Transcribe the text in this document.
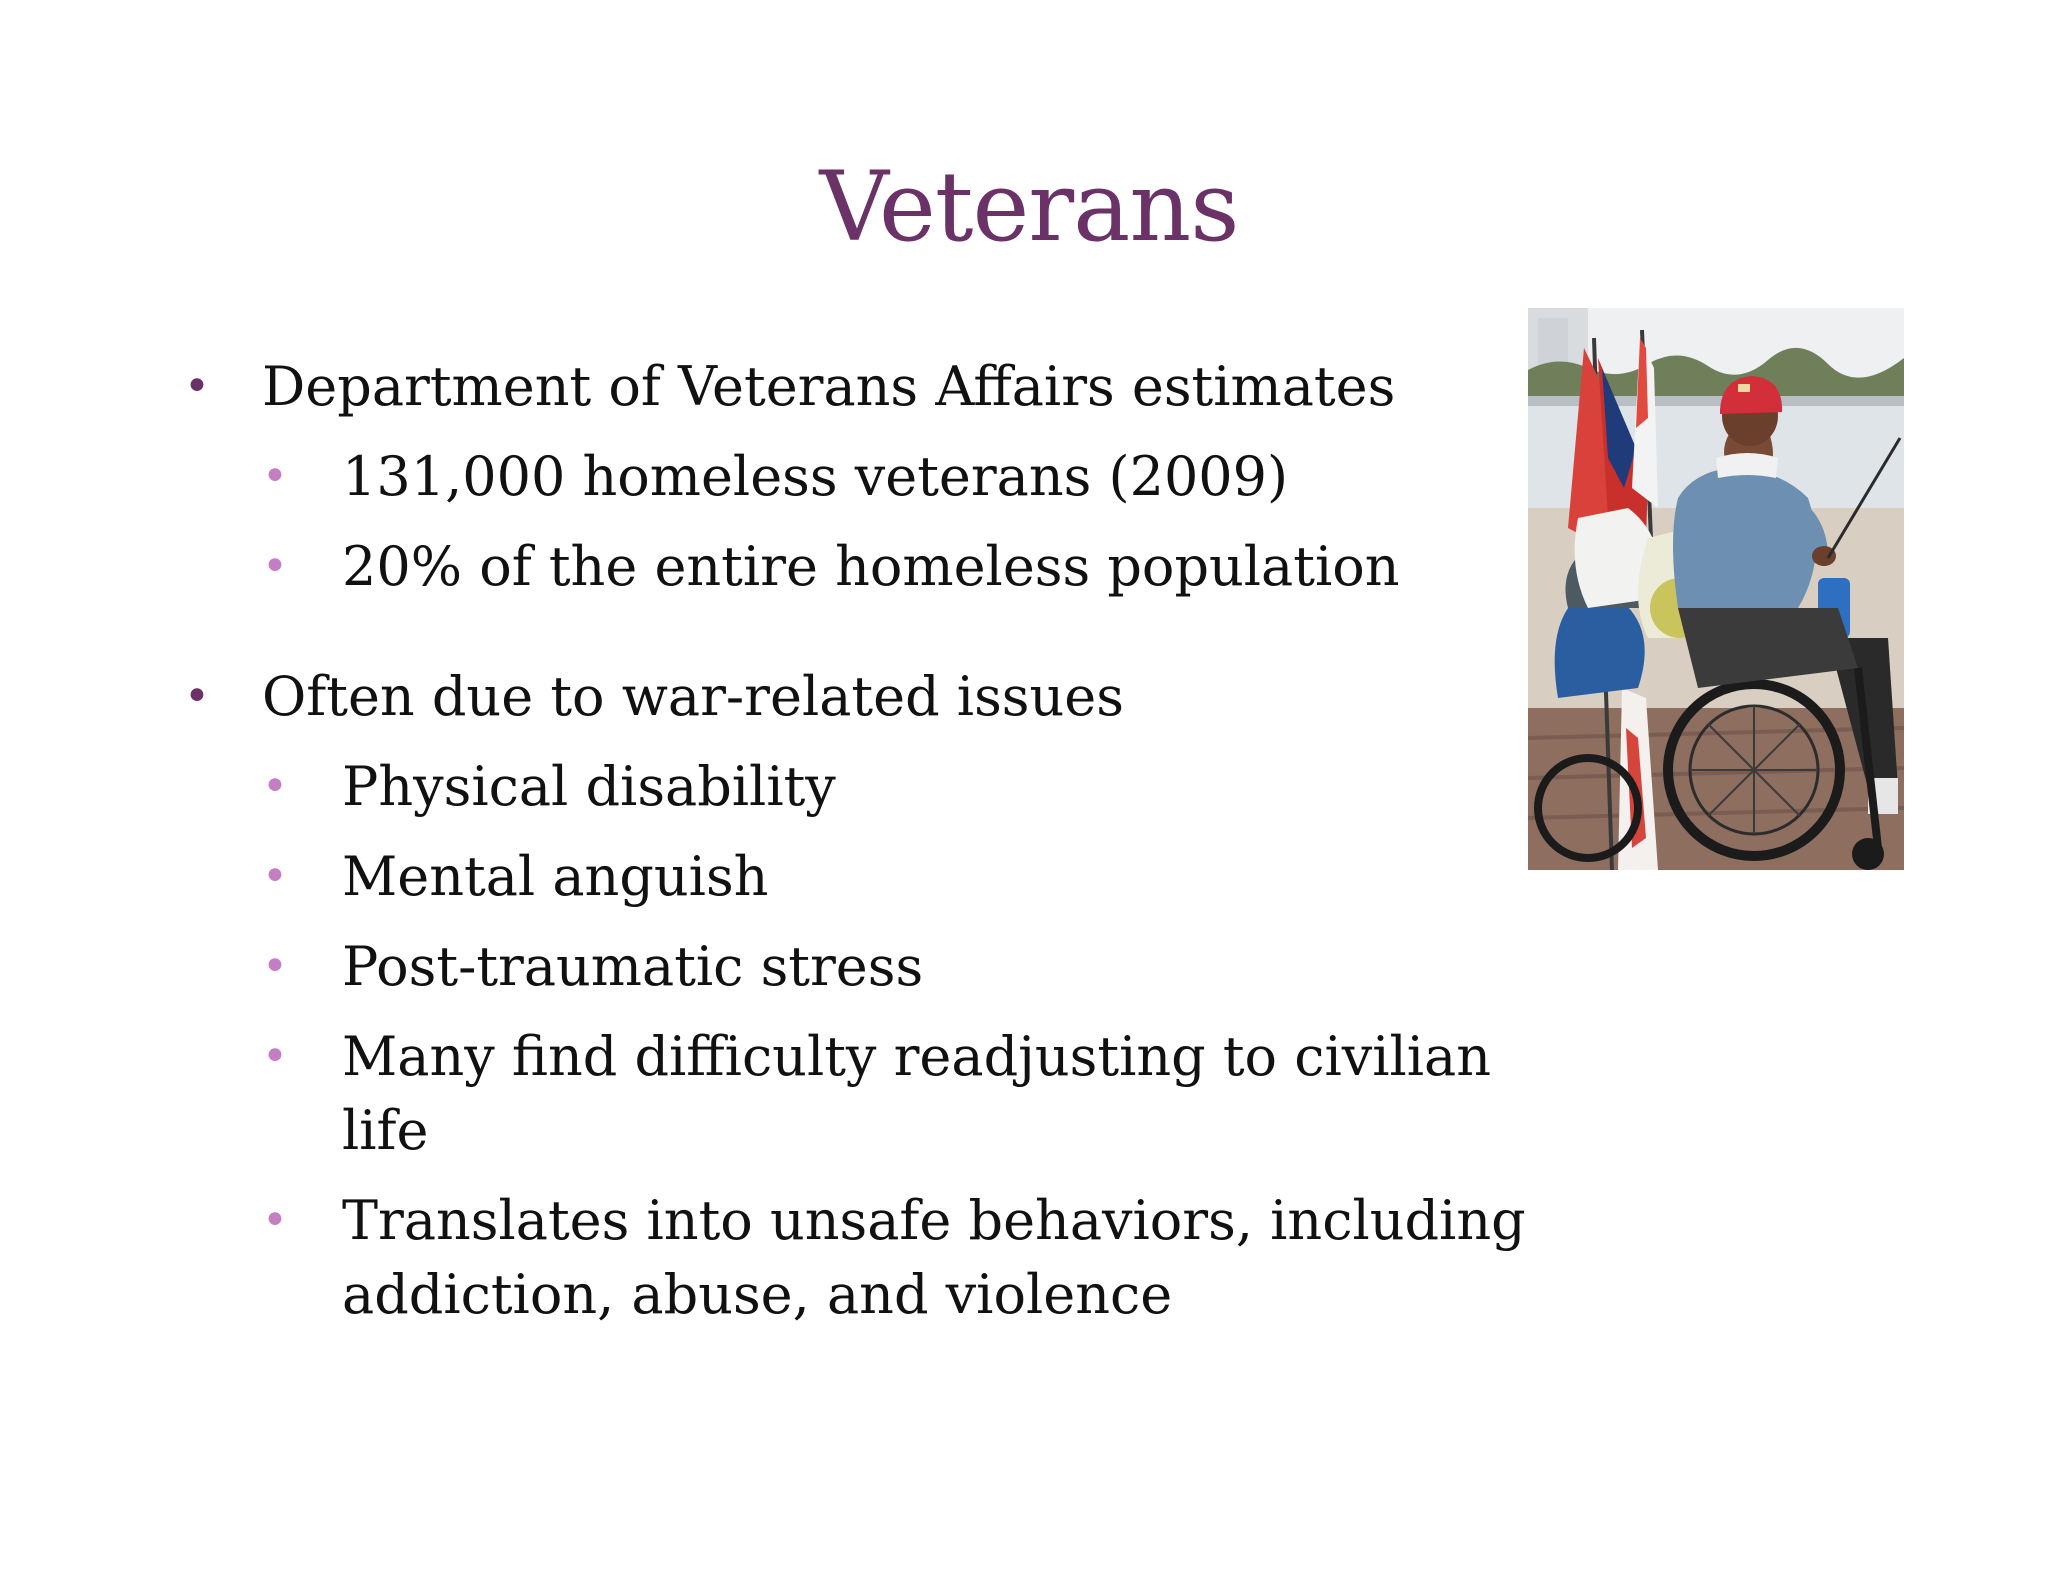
Veterans
• Department of Veterans Affairs estimates
• 131,000 homeless veterans (2009)
• 20% of the entire homeless population
• Often due to war-related issues
• Physical disability
• Mental anguish
• Post-traumatic stress
• Many find difficulty readjusting to civilian life
• Translates into unsafe behaviors, including addiction, abuse, and violence
